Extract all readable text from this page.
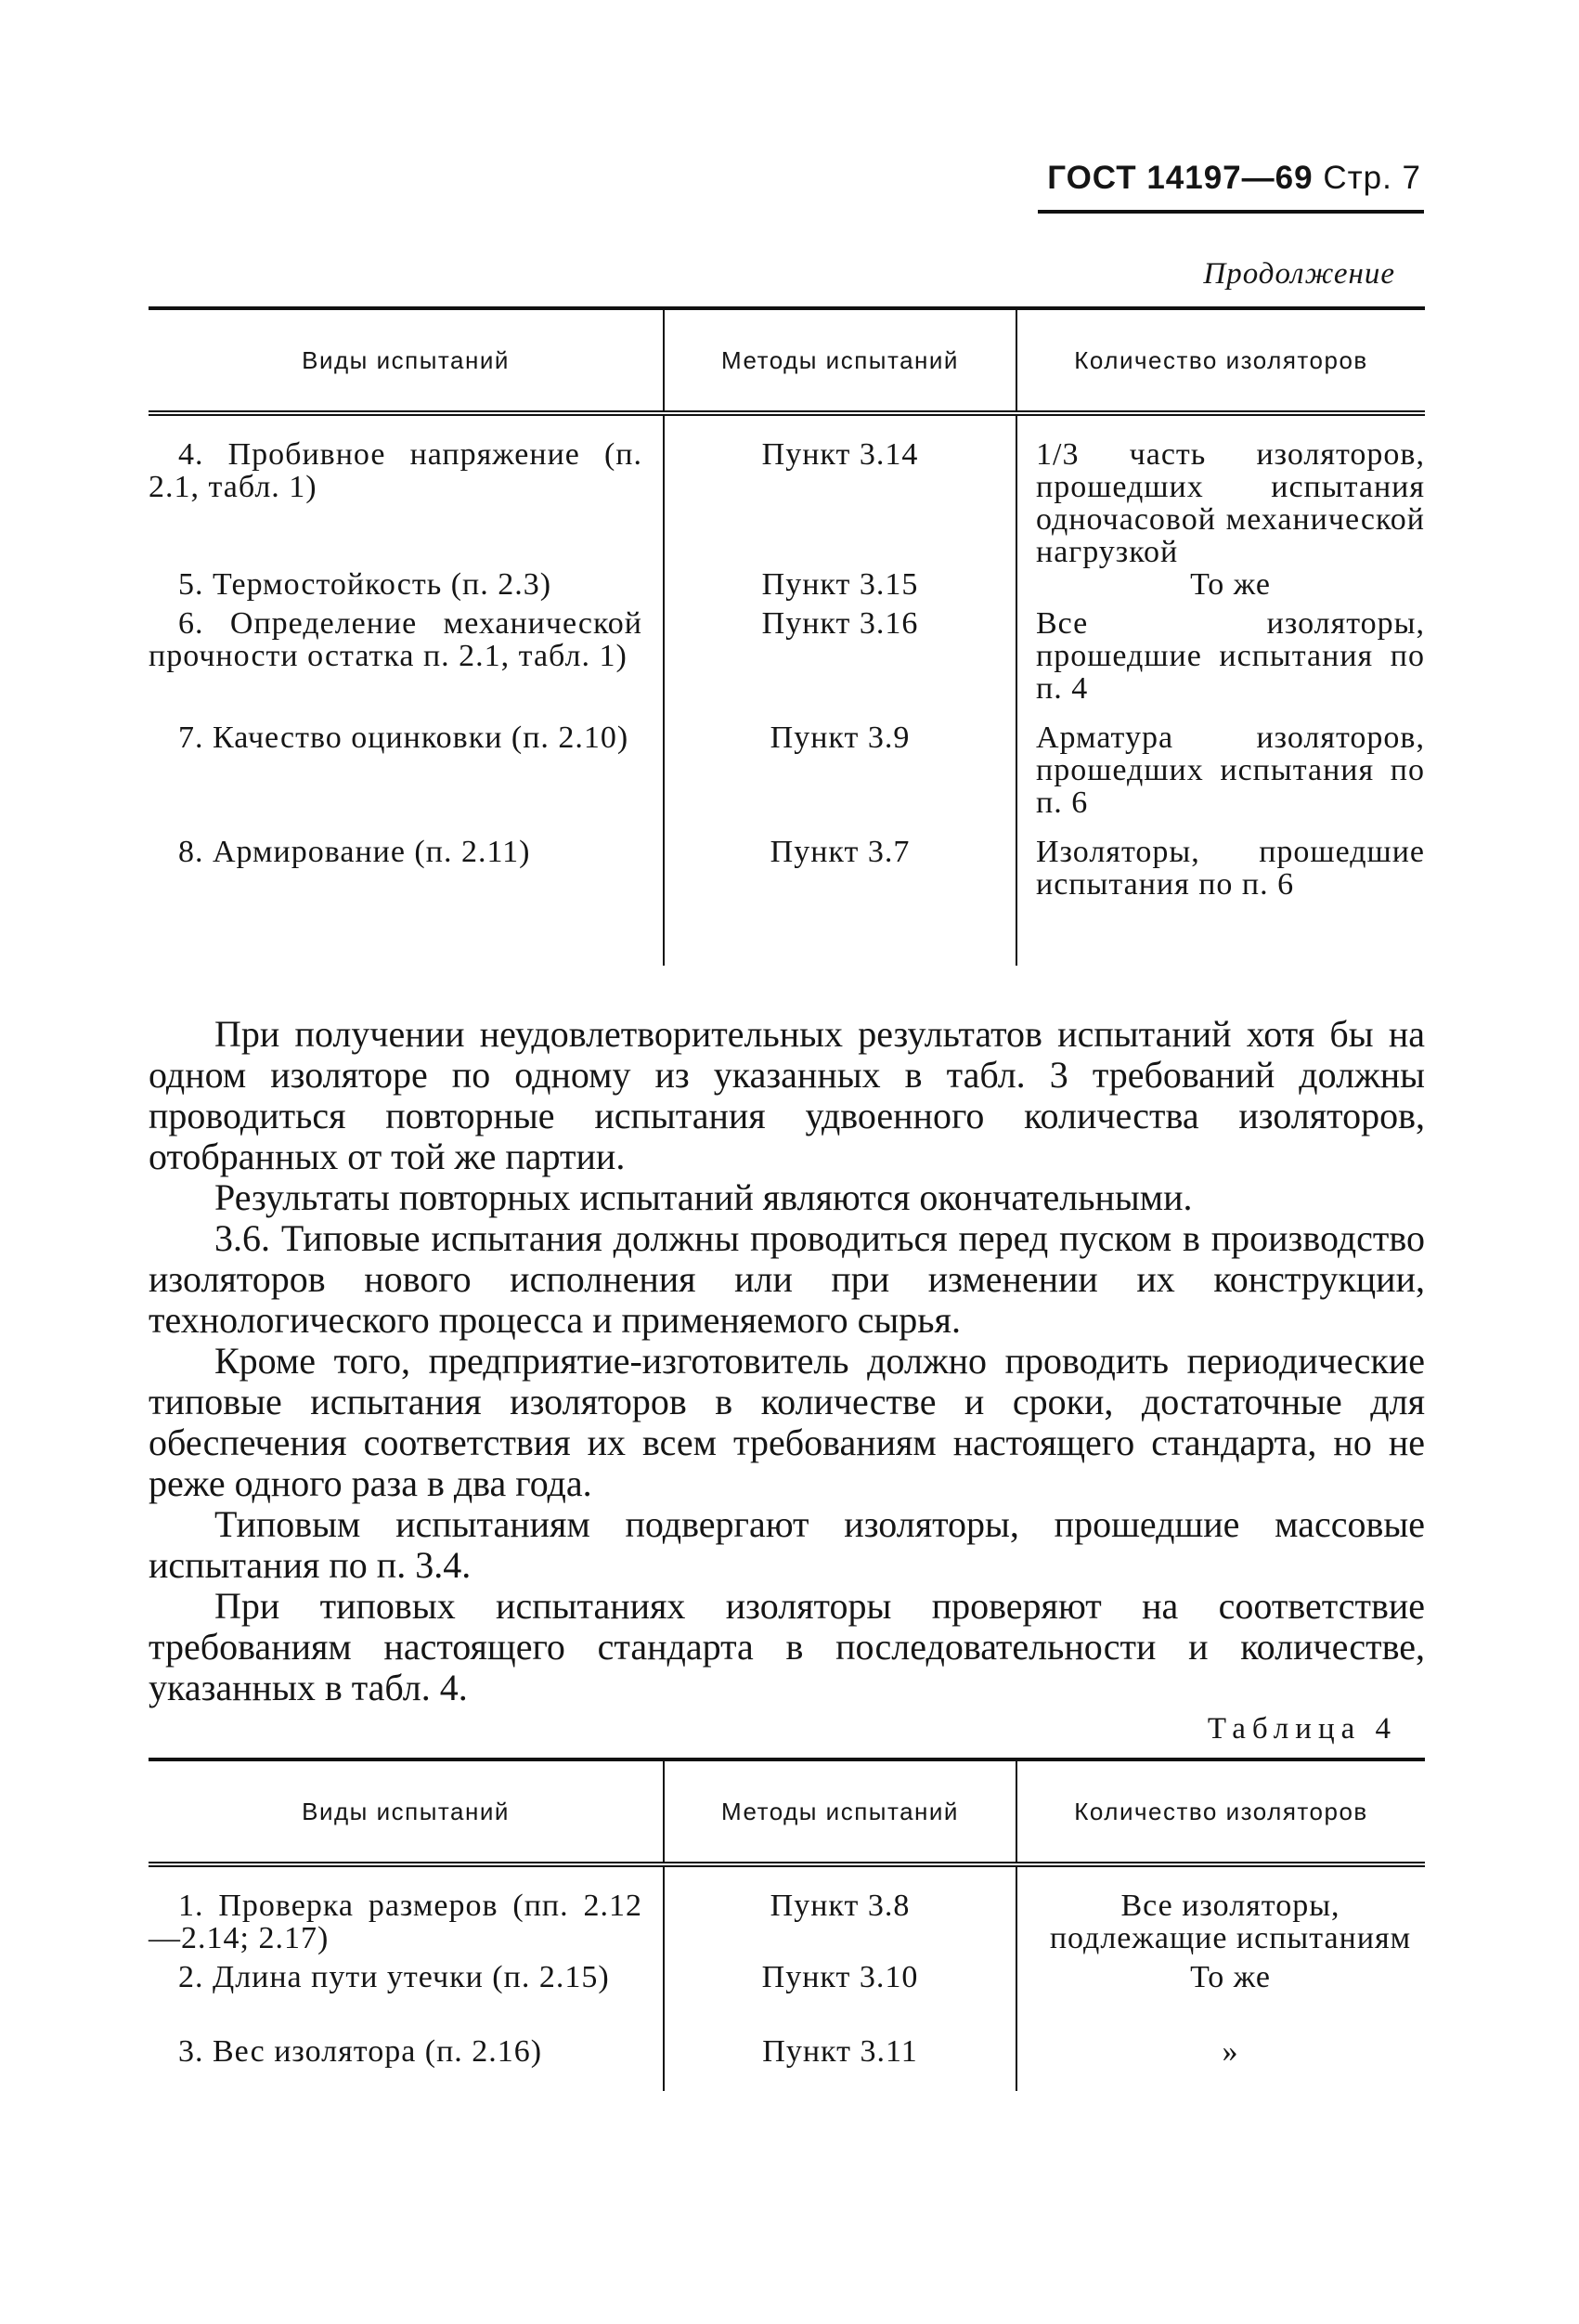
ГОСТ 14197—69 Стр. 7
Продолжение
Виды испытаний	Методы испытаний	Количество изоляторов

4. Пробивное напряжение (п. 2.1, табл. 1)	Пункт 3.14	1/3 часть изоляторов, прошедших испытания одночасовой механической нагрузкой

5. Термостойкость (п. 2.3)	Пункт 3.15	То же

6. Определение механической прочности остатка п. 2.1, табл. 1)	Пункт 3.16	Все изоляторы, прошедшие испытания по п. 4

7. Качество оцинковки (п. 2.10)	Пункт 3.9	Арматура изоляторов, прошедших испытания по п. 6

8. Армирование (п. 2.11)	Пункт 3.7	Изоляторы, прошедшие испытания по п. 6

При получении неудовлетворительных результатов испытаний хотя бы на одном изоляторе по одному из указанных в табл. 3 требований должны проводиться повторные испытания удвоенного количества изоляторов, отобранных от той же партии.

Результаты повторных испытаний являются окончательными.

3.6. Типовые испытания должны проводиться перед пуском в производство изоляторов нового исполнения или при изменении их конструкции, технологического процесса и применяемого сырья.

Кроме того, предприятие-изготовитель должно проводить периодические типовые испытания изоляторов в количестве и сроки, достаточные для обеспечения соответствия их всем требованиям настоящего стандарта, но не реже одного раза в два года.

Типовым испытаниям подвергают изоляторы, прошедшие массовые испытания по п. 3.4.

При типовых испытаниях изоляторы проверяют на соответствие требованиям настоящего стандарта в последовательности и количестве, указанных в табл. 4.

Таблица 4
Виды испытаний	Методы испытаний	Количество изоляторов

1. Проверка размеров (пп. 2.12—2.14; 2.17)	Пункт 3.8	Все изоляторы, подлежащие испытаниям

2. Длина пути утечки (п. 2.15)	Пункт 3.10	То же

3. Вес изолятора (п. 2.16)	Пункт 3.11	»
